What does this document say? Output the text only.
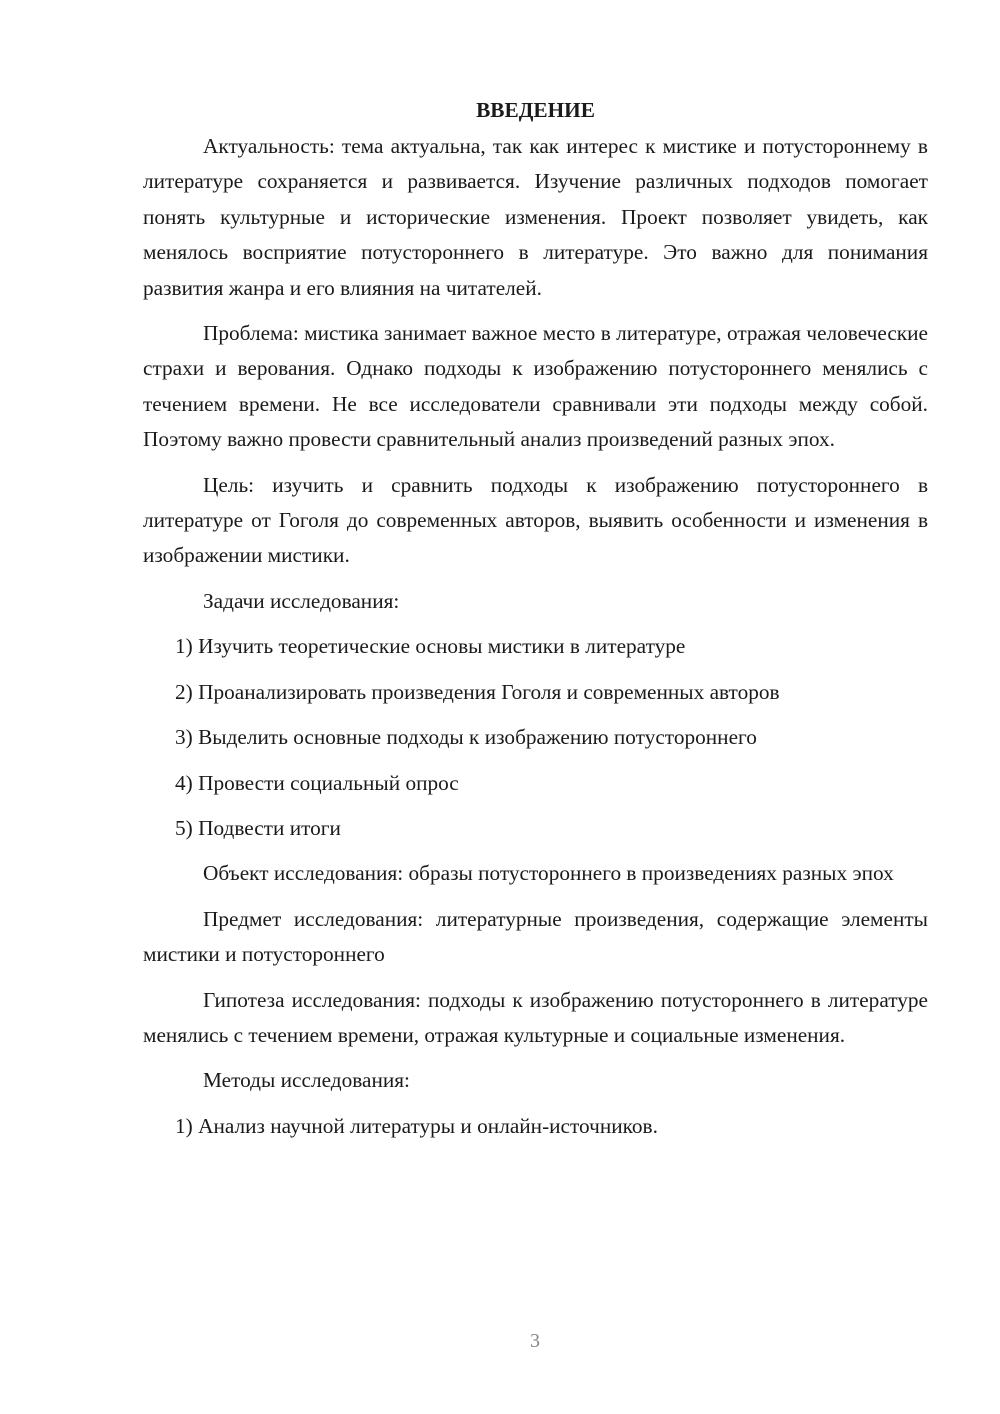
ВВЕДЕНИЕ

Актуальность: тема актуальна, так как интерес к мистике и потустороннему в литературе сохраняется и развивается. Изучение различных подходов помогает понять культурные и исторические изменения. Проект позволяет увидеть, как менялось восприятие потустороннего в литературе. Это важно для понимания развития жанра и его влияния на читателей.

Проблема: мистика занимает важное место в литературе, отражая человеческие страхи и верования. Однако подходы к изображению потустороннего менялись с течением времени. Не все исследователи сравнивали эти подходы между собой. Поэтому важно провести сравнительный анализ произведений разных эпох.

Цель: изучить и сравнить подходы к изображению потустороннего в литературе от Гоголя до современных авторов, выявить особенности и изменения в изображении мистики.

Задачи исследования:
1) Изучить теоретические основы мистики в литературе
2) Проанализировать произведения Гоголя и современных авторов
3) Выделить основные подходы к изображению потустороннего
4) Провести социальный опрос
5) Подвести итоги

Объект исследования: образы потустороннего в произведениях разных эпох

Предмет исследования: литературные произведения, содержащие элементы мистики и потустороннего

Гипотеза исследования: подходы к изображению потустороннего в литературе менялись с течением времени, отражая культурные и социальные изменения.

Методы исследования:
1) Анализ научной литературы и онлайн-источников.
3
